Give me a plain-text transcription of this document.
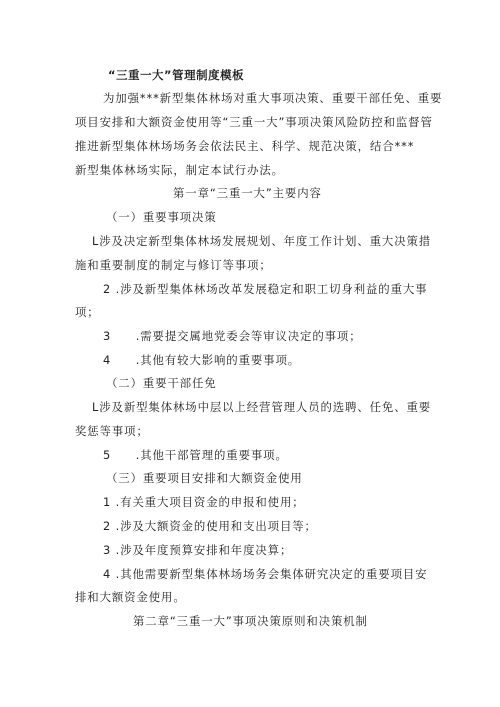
“三重一大”管理制度模板
为加强***新型集体林场对重大事项决策、重要干部任免、重要
项目安排和大额资金使用等“三重一大”事项决策风险防控和监督管
推进新型集体林场场务会依法民主、科学、规范决策，结合***
新型集体林场实际，制定本试行办法。
第一章“三重一大”主要内容
（一）重要事项决策
L涉及决定新型集体林场发展规划、年度工作计划、重大决策措
施和重要制度的制定与修订等事项；
2 .涉及新型集体林场改革发展稳定和职工切身利益的重大事
项；
3　　.需要提交属地党委会等审议决定的事项；
4　　.其他有较大影响的重要事项。
（二）重要干部任免
L涉及新型集体林场中层以上经营管理人员的选聘、任免、重要
奖惩等事项；
5　　.其他干部管理的重要事项。
（三）重要项目安排和大额资金使用
1 .有关重大项目资金的申报和使用；
2 .涉及大额资金的使用和支出项目等；
3 .涉及年度预算安排和年度决算；
4 .其他需要新型集体林场场务会集体研究决定的重要项目安
排和大额资金使用。
第二章“三重一大”事项决策原则和决策机制
